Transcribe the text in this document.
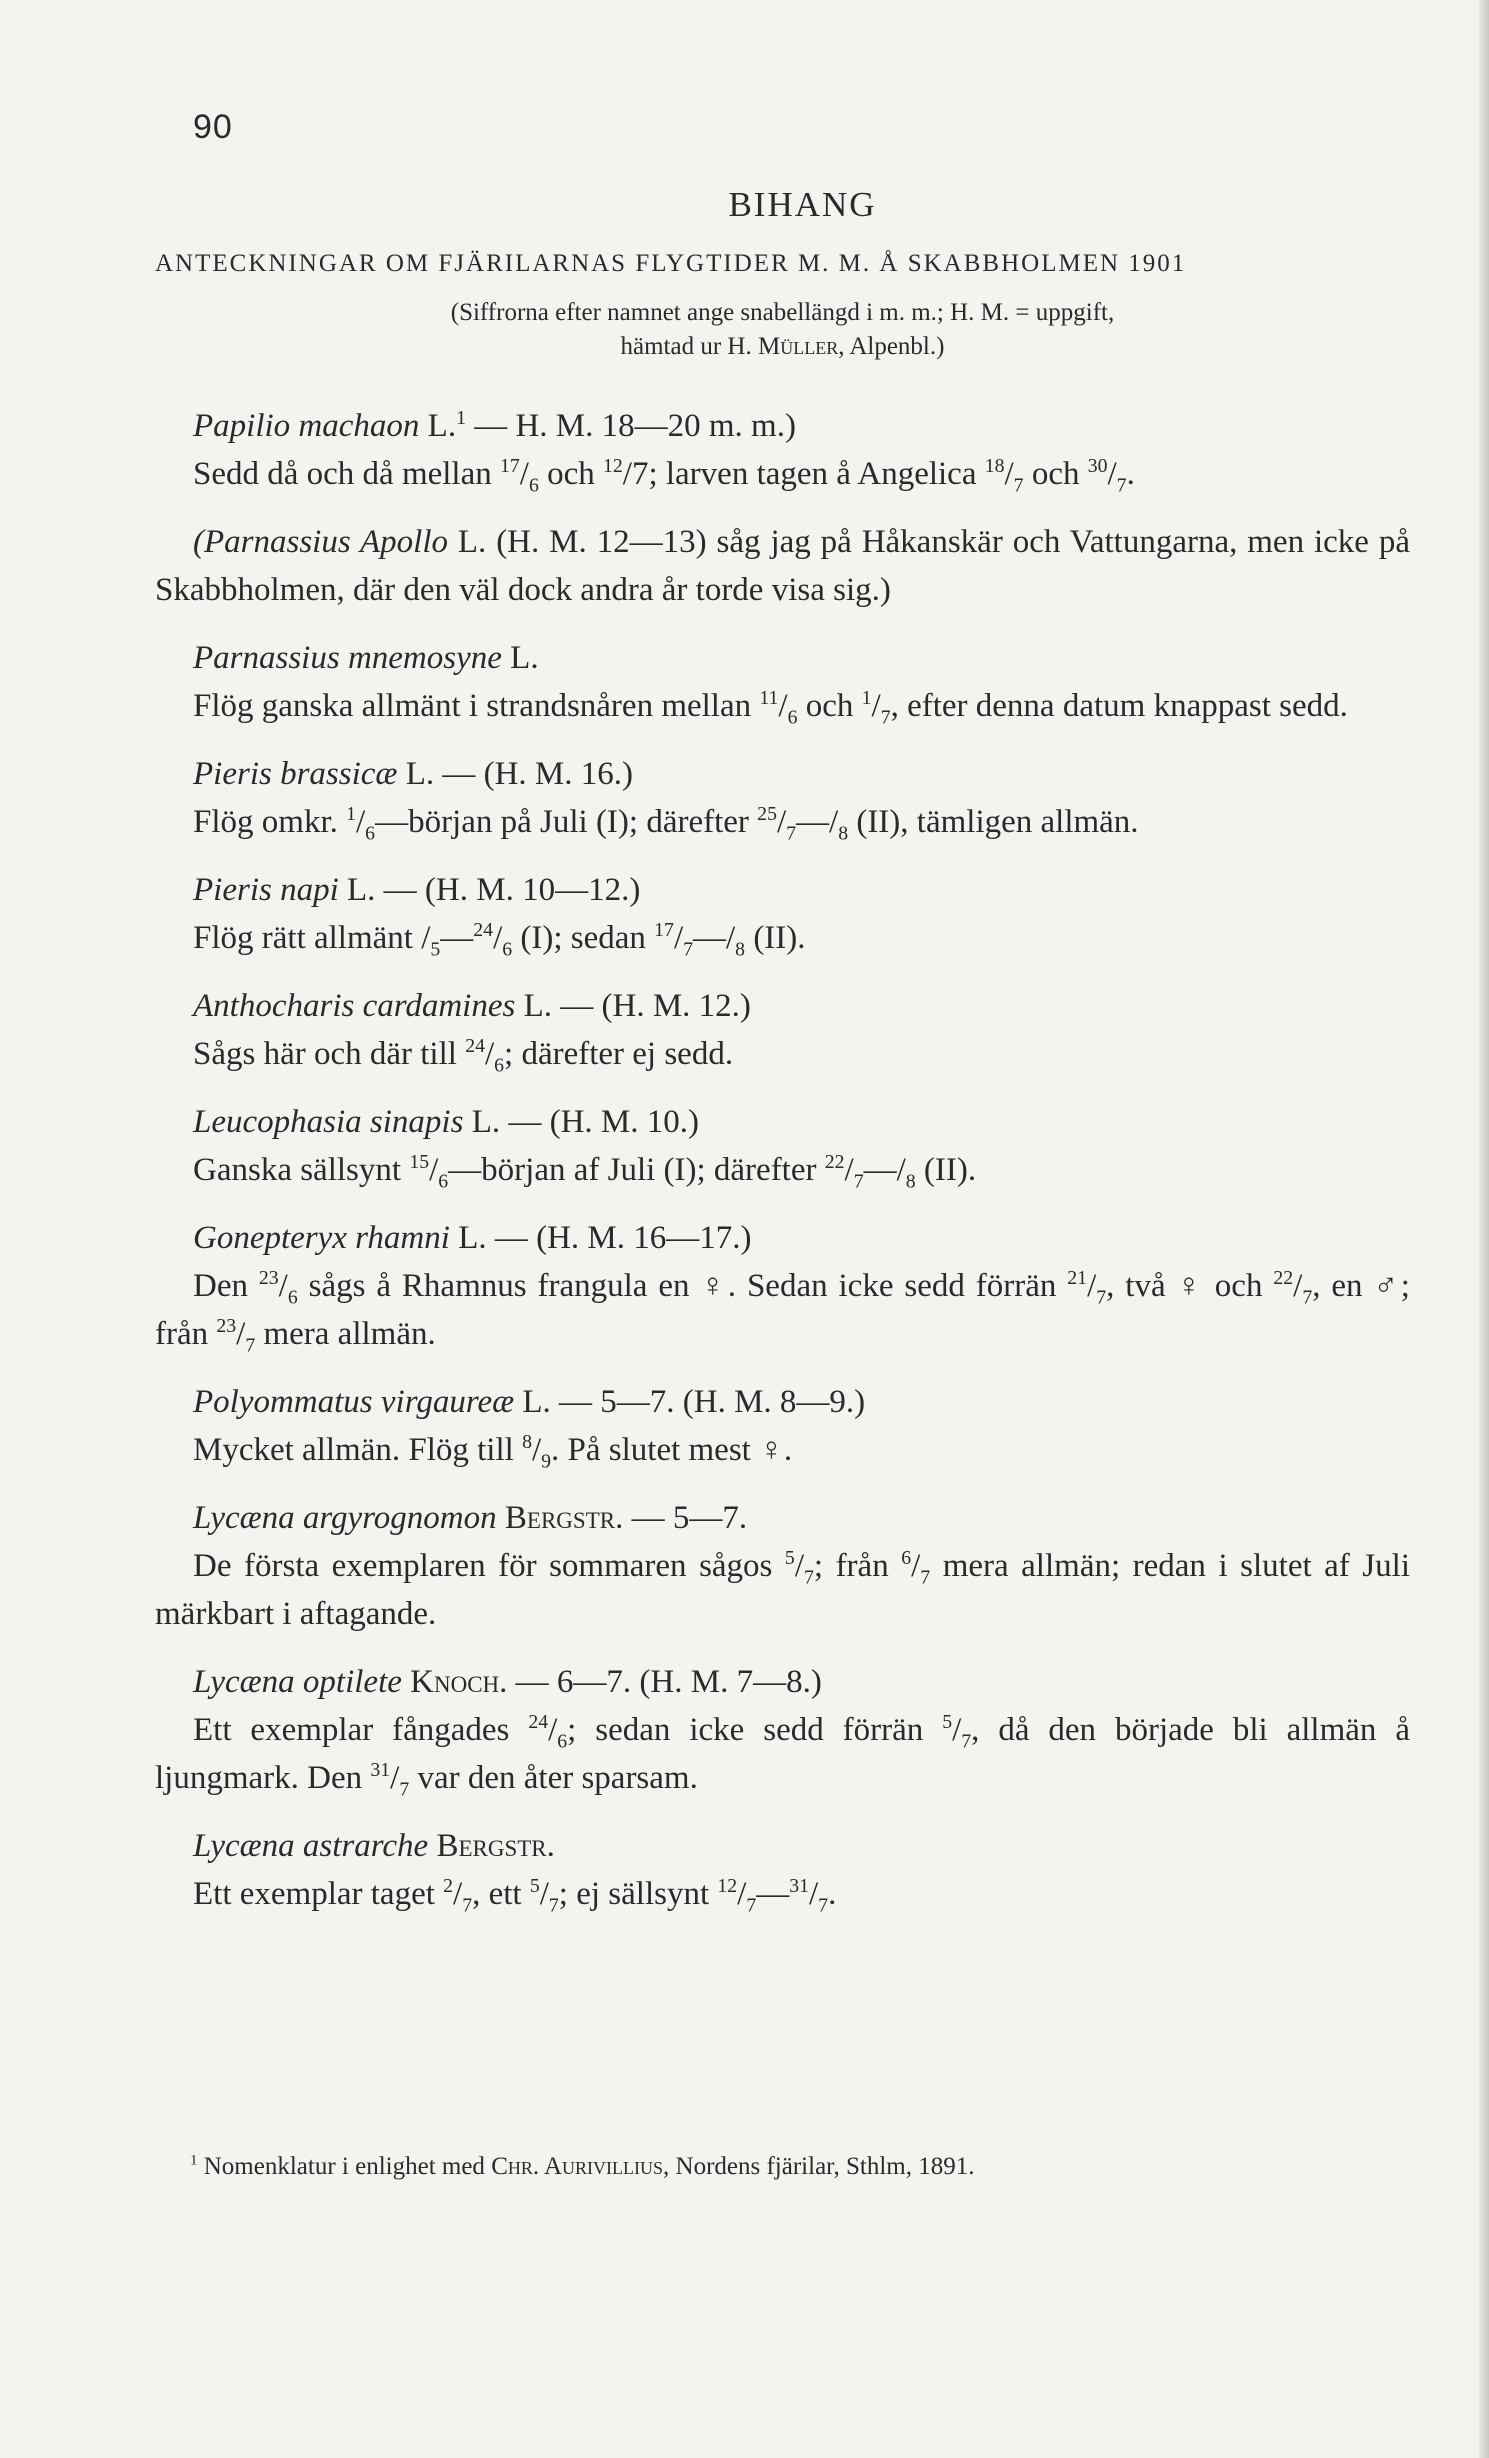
90
BIHANG
ANTECKNINGAR OM FJÄRILARNAS FLYGTIDER M. M. Å SKABBHOLMEN 1901
(Siffrorna efter namnet ange snabellängd i m. m.; H. M. = uppgift,
hämtad ur H. Müller, Alpenbl.)

Papilio machaon L.$^1$ — H. M. 18—20 m. m.)

Sedd då och då mellan $^{17}/_6$ och $^{12}$/7; larven tagen å Angelica $^{18}/_7$ och $^{30}/_7$.

(Parnassius Apollo L. (H. M. 12—13) såg jag på Håkanskär och Vattungarna, men icke på Skabbholmen, där den väl dock andra år torde visa sig.)

Parnassius mnemosyne L.

Flög ganska allmänt i strandsnåren mellan $^{11}/_6$ och $^1/_7$, efter denna datum knappast sedd.

Pieris brassicæ L. — (H. M. 16.)

Flög omkr. $^1/_6—början$ på Juli (I); därefter $^{25}/_7—/_8$ (II), tämligen allmän.

Pieris napi L. — (H. M. 10—12.)

Flög rätt allmänt $/_5—^{24}/_6$ (I); sedan $^{17}/_7—/_8$ (II).

Anthocharis cardamines L. — (H. M. 12.)

Sågs här och där till $^{24}/_6$; därefter ej sedd.

Leucophasia sinapis L. — (H. M. 10.)

Ganska sällsynt $^{15}/_6—början$ af Juli (I); därefter $^{22}/_7—/_8$ (II).

Gonepteryx rhamni L. — (H. M. 16—17.)

Den $^{23}/_6$ sågs å Rhamnus frangula en ♀. Sedan icke sedd förrän $^{21}/_7$, två ♀ och $^{22}/_7$, en ♂; från $^{23}/_7$ mera allmän.

Polyommatus virgaureæ L. — 5—7. (H. M. 8—9.)

Mycket allmän. Flög till $^8/_9$. På slutet mest ♀.

Lycæna argyrognomon Bergstr. — 5—7.

De första exemplaren för sommaren sågos $^5/_7$; från $^6/_7$ mera allmän; redan i slutet af Juli märkbart i aftagande.

Lycæna optilete Knoch. — 6—7. (H. M. 7—8.)

Ett exemplar fångades $^{24}/_6$; sedan icke sedd förrän $^5/_7$, då den började bli allmän å ljungmark. Den $^{31}/_7$ var den åter sparsam.

Lycæna astrarche Bergstr.

Ett exemplar taget $^2/_7$, ett $^5/_7$; ej sällsynt $^{12}/_7—^{31}/_7$.

$^1$ Nomenklatur i enlighet med Chr. Aurivillius, Nordens fjärilar, Sthlm, 1891.
